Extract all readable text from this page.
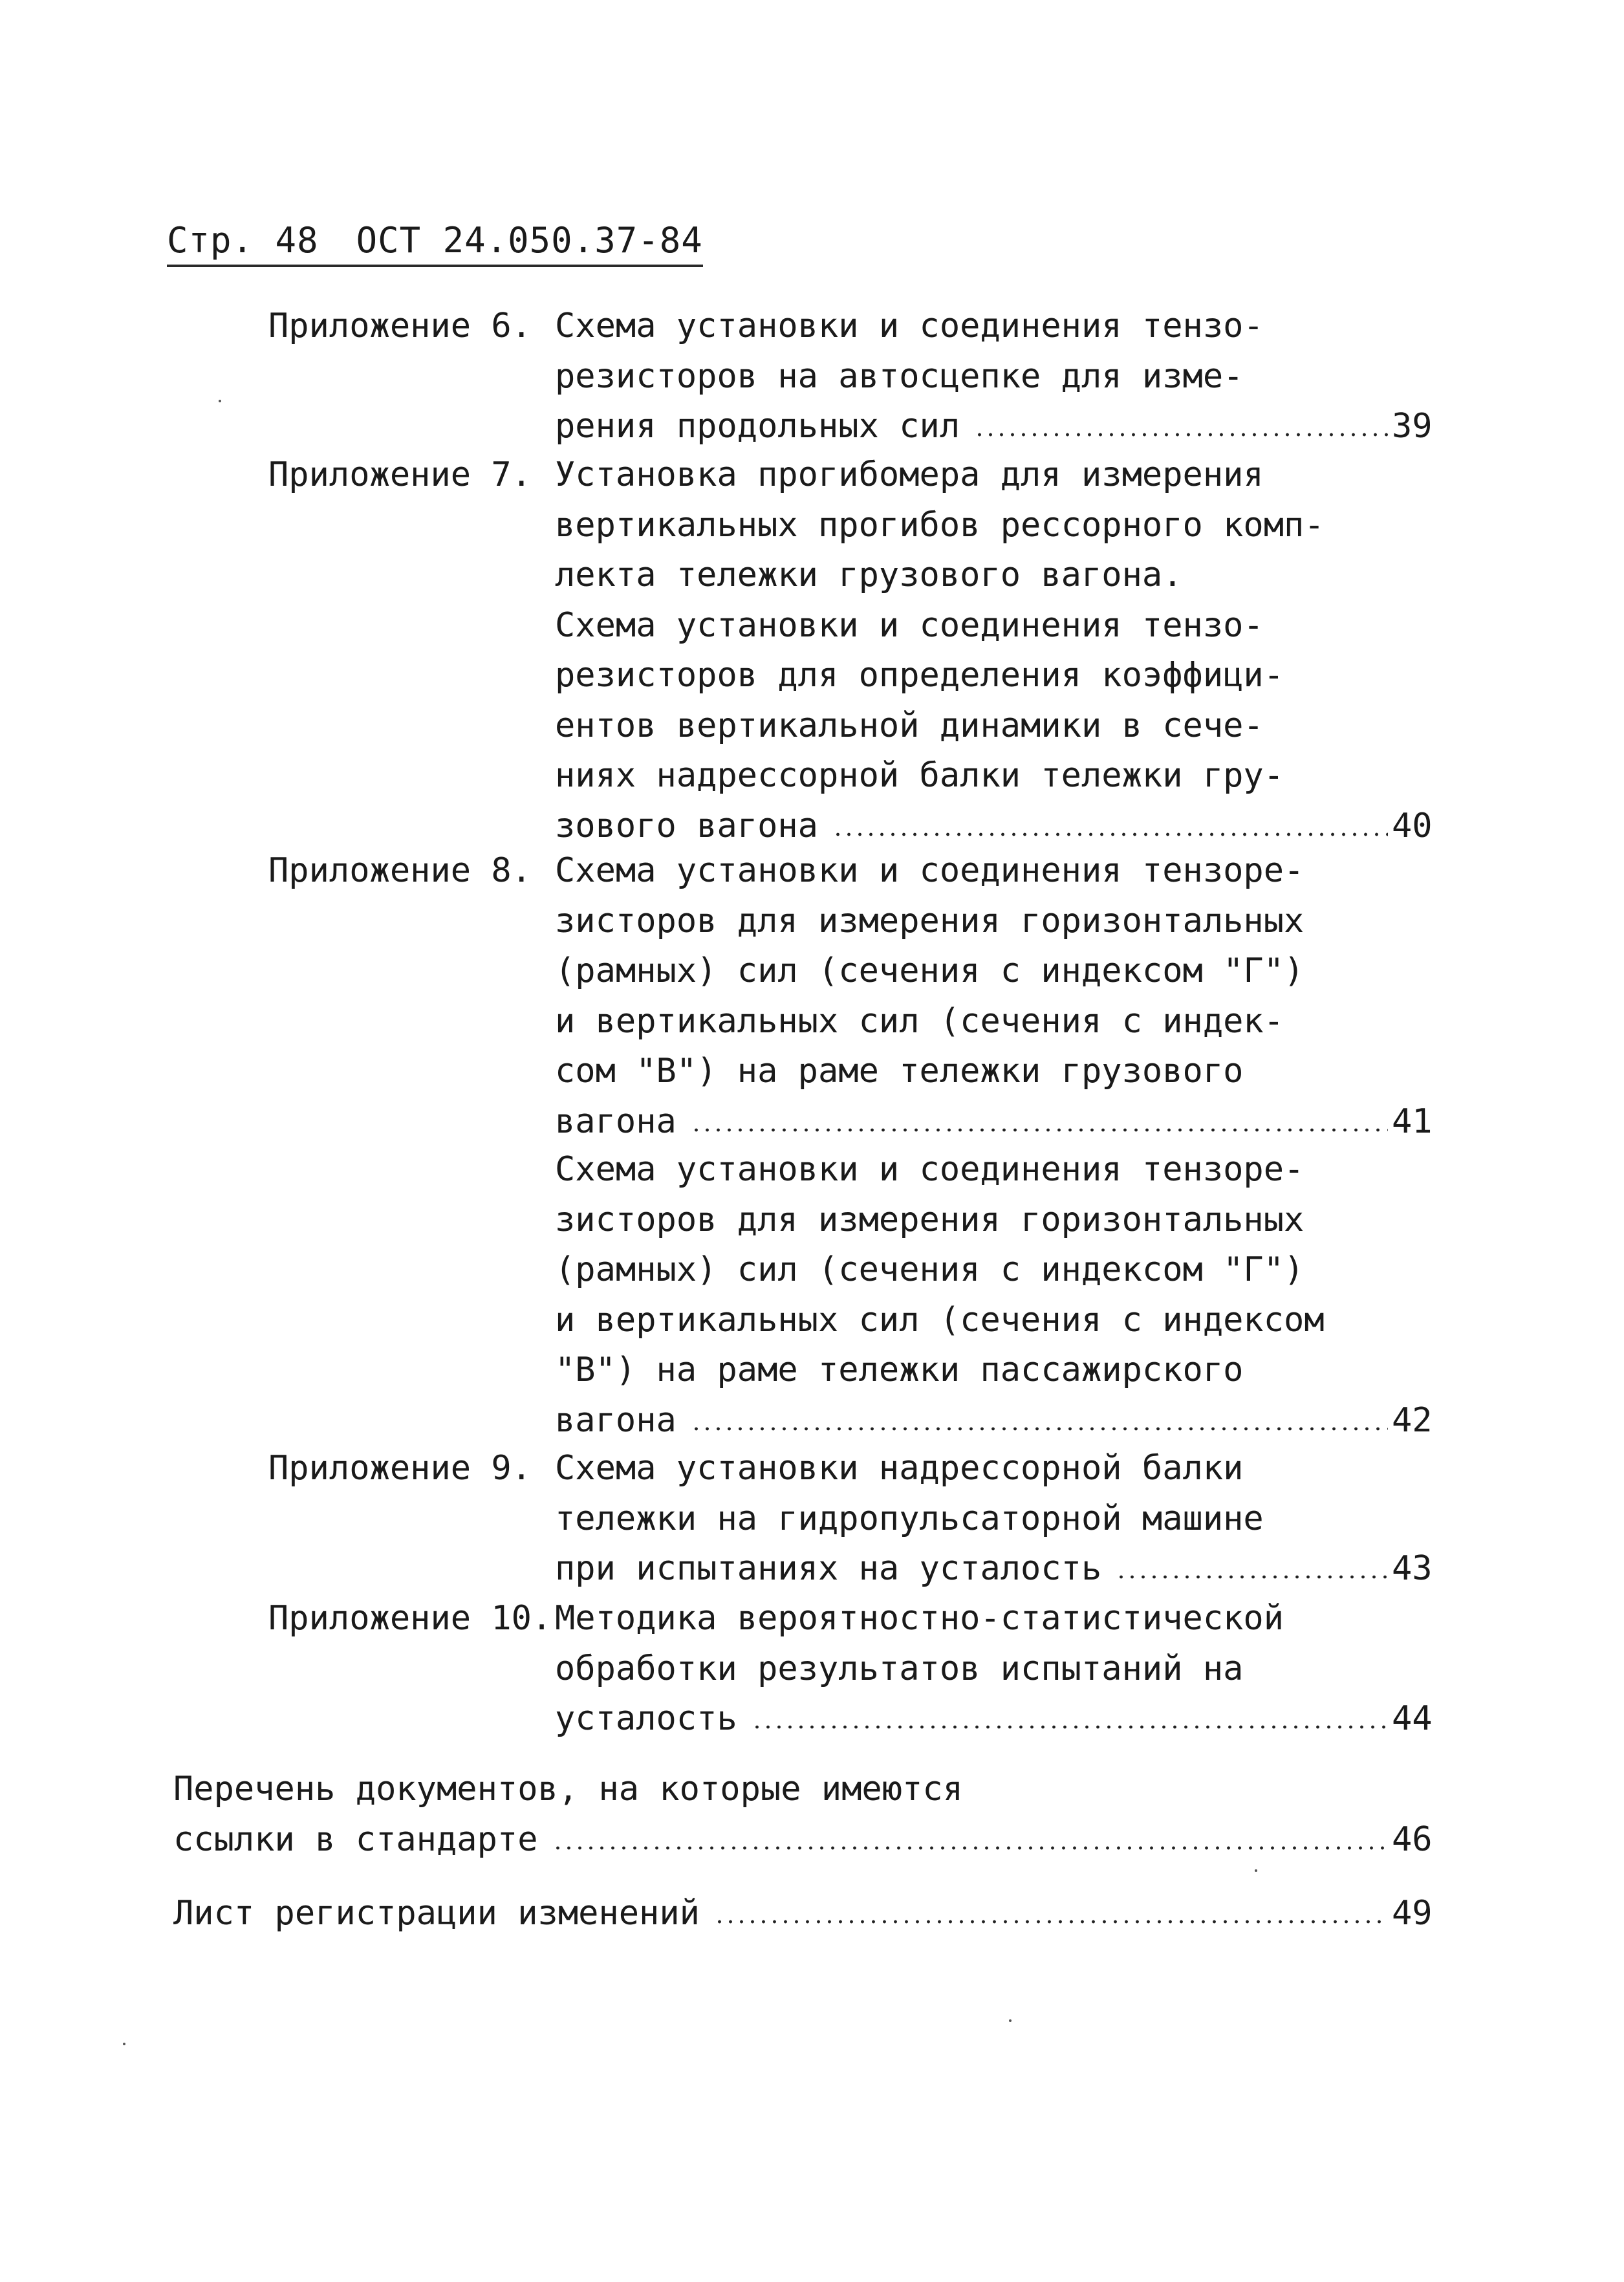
Стр. 48 ОСТ 24.050.37-84
Приложение 6. Схема установки и соединения тензо-
резисторов на автосцепке для изме-
рения продольных сил	39
Приложение 7. Установка прогибомера для измерения
вертикальных прогибов рессорного комп-
лекта тележки грузового вагона.
Схема установки и соединения тензо-
резисторов для определения коэффици-
ентов вертикальной динамики в сече-
ниях надрессорной балки тележки гру-
зового вагона	40
Приложение 8. Схема установки и соединения тензоре-
зисторов для измерения горизонтальных
(рамных) сил (сечения с индексом "Г")
и вертикальных сил (сечения с индек-
сом "В") на раме тележки грузового
вагона	41
Схема установки и соединения тензоре-
зисторов для измерения горизонтальных
(рамных) сил (сечения с индексом "Г")
и вертикальных сил (сечения с индексом
"В") на раме тележки пассажирского
вагона	42
Приложение 9. Схема установки надрессорной балки
тележки на гидропульсаторной машине
при испытаниях на усталость	43
Приложение 10. Методика вероятностно-статистической
обработки результатов испытаний на
усталость	44
Перечень документов, на которые имеются
ссылки в стандарте	46
Лист регистрации изменений	49
